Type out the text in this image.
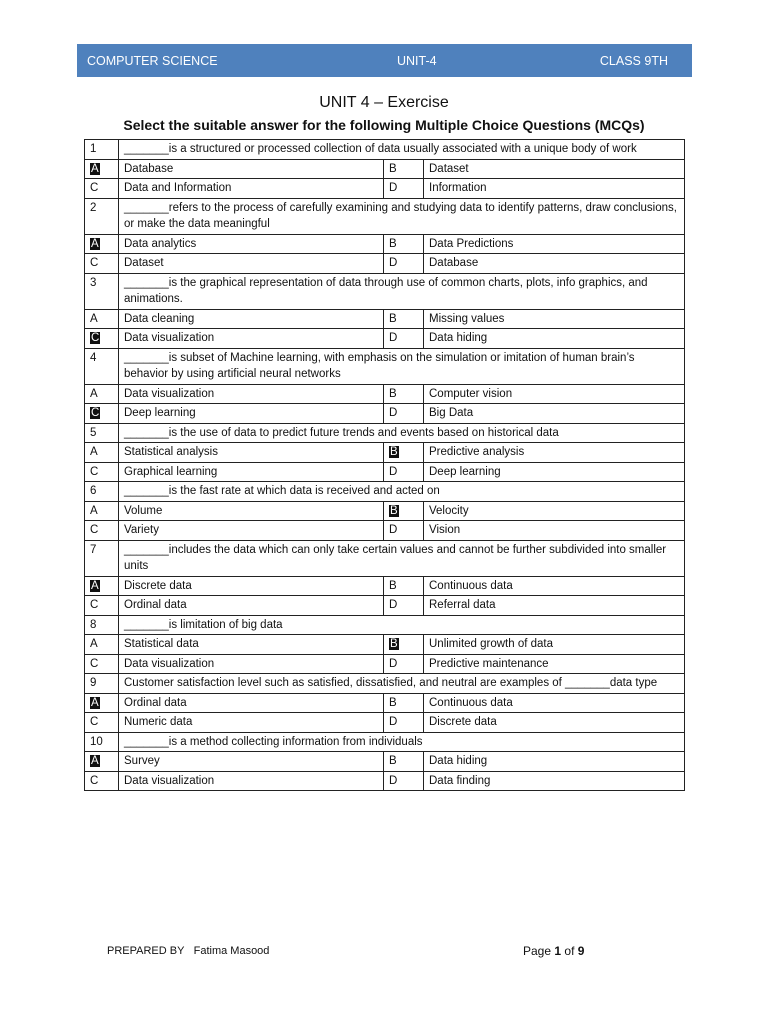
COMPUTER SCIENCE	UNIT-4	CLASS 9TH
UNIT 4 – Exercise
Select the suitable answer for the following Multiple Choice Questions (MCQs)
1	_______is a structured or processed collection of data usually associated with a unique body of work		
A	Database	B	Dataset
C	Data and Information	D	Information
2	_______refers to the process of carefully examining and studying data to identify patterns, draw conclusions, or make the data meaningful		
A	Data analytics	B	Data Predictions
C	Dataset	D	Database
3	_______is the graphical representation of data through use of common charts, plots, info graphics, and animations.		
A	Data cleaning	B	Missing values
C	Data visualization	D	Data hiding
4	_______is subset of Machine learning, with emphasis on the simulation or imitation of human brain’s behavior by using artificial neural networks		
A	Data visualization	B	Computer vision
C	Deep learning	D	Big Data
5	_______is the use of data to predict future trends and events based on historical data		
A	Statistical analysis	B	Predictive analysis
C	Graphical learning	D	Deep learning
6	_______is the fast rate at which data is received and acted on		
A	Volume	B	Velocity
C	Variety	D	Vision
7	_______includes the data which can only take certain values and cannot be further subdivided into smaller units		
A	Discrete data	B	Continuous data
C	Ordinal data	D	Referral data
8	_______is limitation of big data		
A	Statistical data	B	Unlimited growth of data
C	Data visualization	D	Predictive maintenance
9	Customer satisfaction level such as satisfied, dissatisfied, and neutral are examples of _______data type		
A	Ordinal data	B	Continuous data
C	Numeric data	D	Discrete data
10	_______is a method collecting information from individuals		
A	Survey	B	Data hiding
C	Data visualization	D	Data finding
PREPARED BY Fatima Masood	Page 1 of 9
